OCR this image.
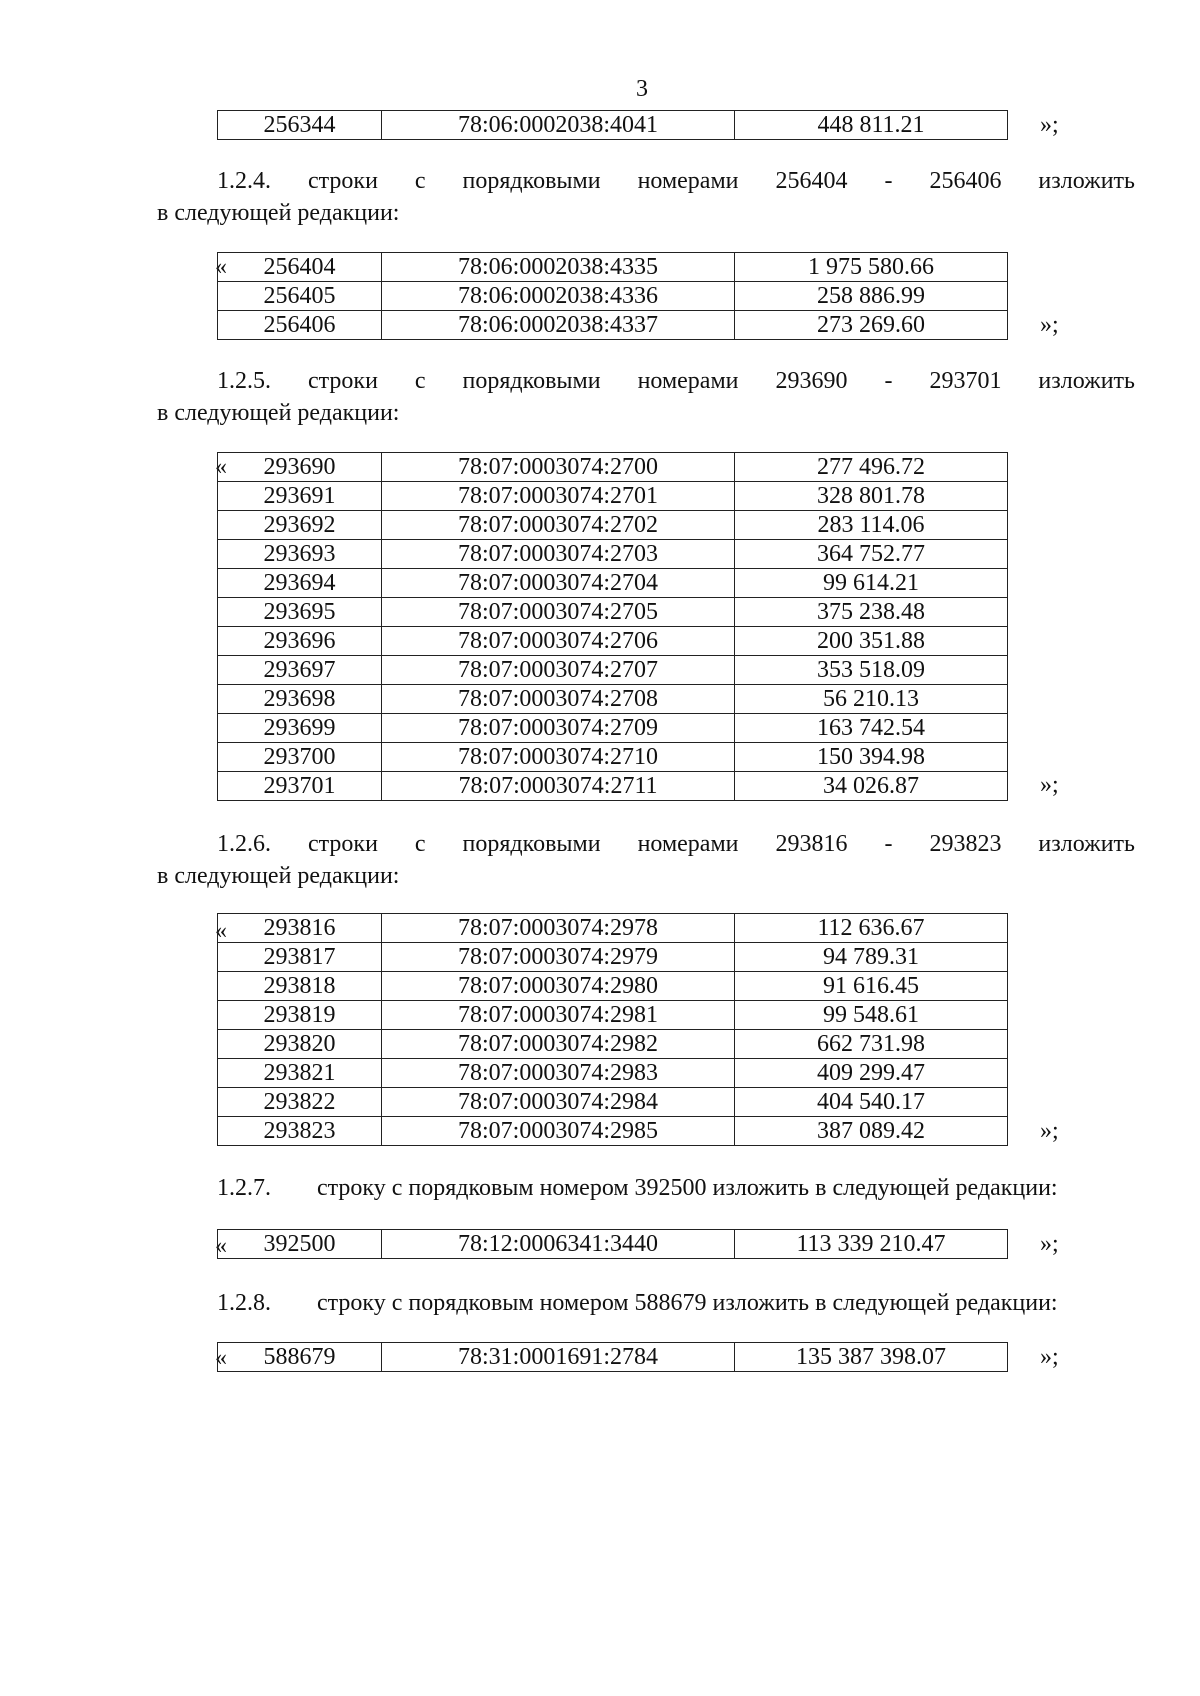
3
256344	78:06:0002038:4041	448 811.21	»;
1.2.4. строки с порядковыми номерами 256404 - 256406 изложить
в следующей редакции:
« 256404	78:06:0002038:4335	1 975 580.66
256405	78:06:0002038:4336	258 886.99
256406	78:06:0002038:4337	273 269.60	»;
1.2.5. строки с порядковыми номерами 293690 - 293701 изложить
в следующей редакции:
« 293690	78:07:0003074:2700	277 496.72
293691	78:07:0003074:2701	328 801.78
293692	78:07:0003074:2702	283 114.06
293693	78:07:0003074:2703	364 752.77
293694	78:07:0003074:2704	99 614.21
293695	78:07:0003074:2705	375 238.48
293696	78:07:0003074:2706	200 351.88
293697	78:07:0003074:2707	353 518.09
293698	78:07:0003074:2708	56 210.13
293699	78:07:0003074:2709	163 742.54
293700	78:07:0003074:2710	150 394.98
293701	78:07:0003074:2711	34 026.87	»;
1.2.6. строки с порядковыми номерами 293816 - 293823 изложить
в следующей редакции:
« 293816	78:07:0003074:2978	112 636.67
293817	78:07:0003074:2979	94 789.31
293818	78:07:0003074:2980	91 616.45
293819	78:07:0003074:2981	99 548.61
293820	78:07:0003074:2982	662 731.98
293821	78:07:0003074:2983	409 299.47
293822	78:07:0003074:2984	404 540.17
293823	78:07:0003074:2985	387 089.42	»;
1.2.7.	строку с порядковым номером 392500 изложить в следующей редакции:
« 392500	78:12:0006341:3440	113 339 210.47	»;
1.2.8.	строку с порядковым номером 588679 изложить в следующей редакции:
« 588679	78:31:0001691:2784	135 387 398.07	»;
